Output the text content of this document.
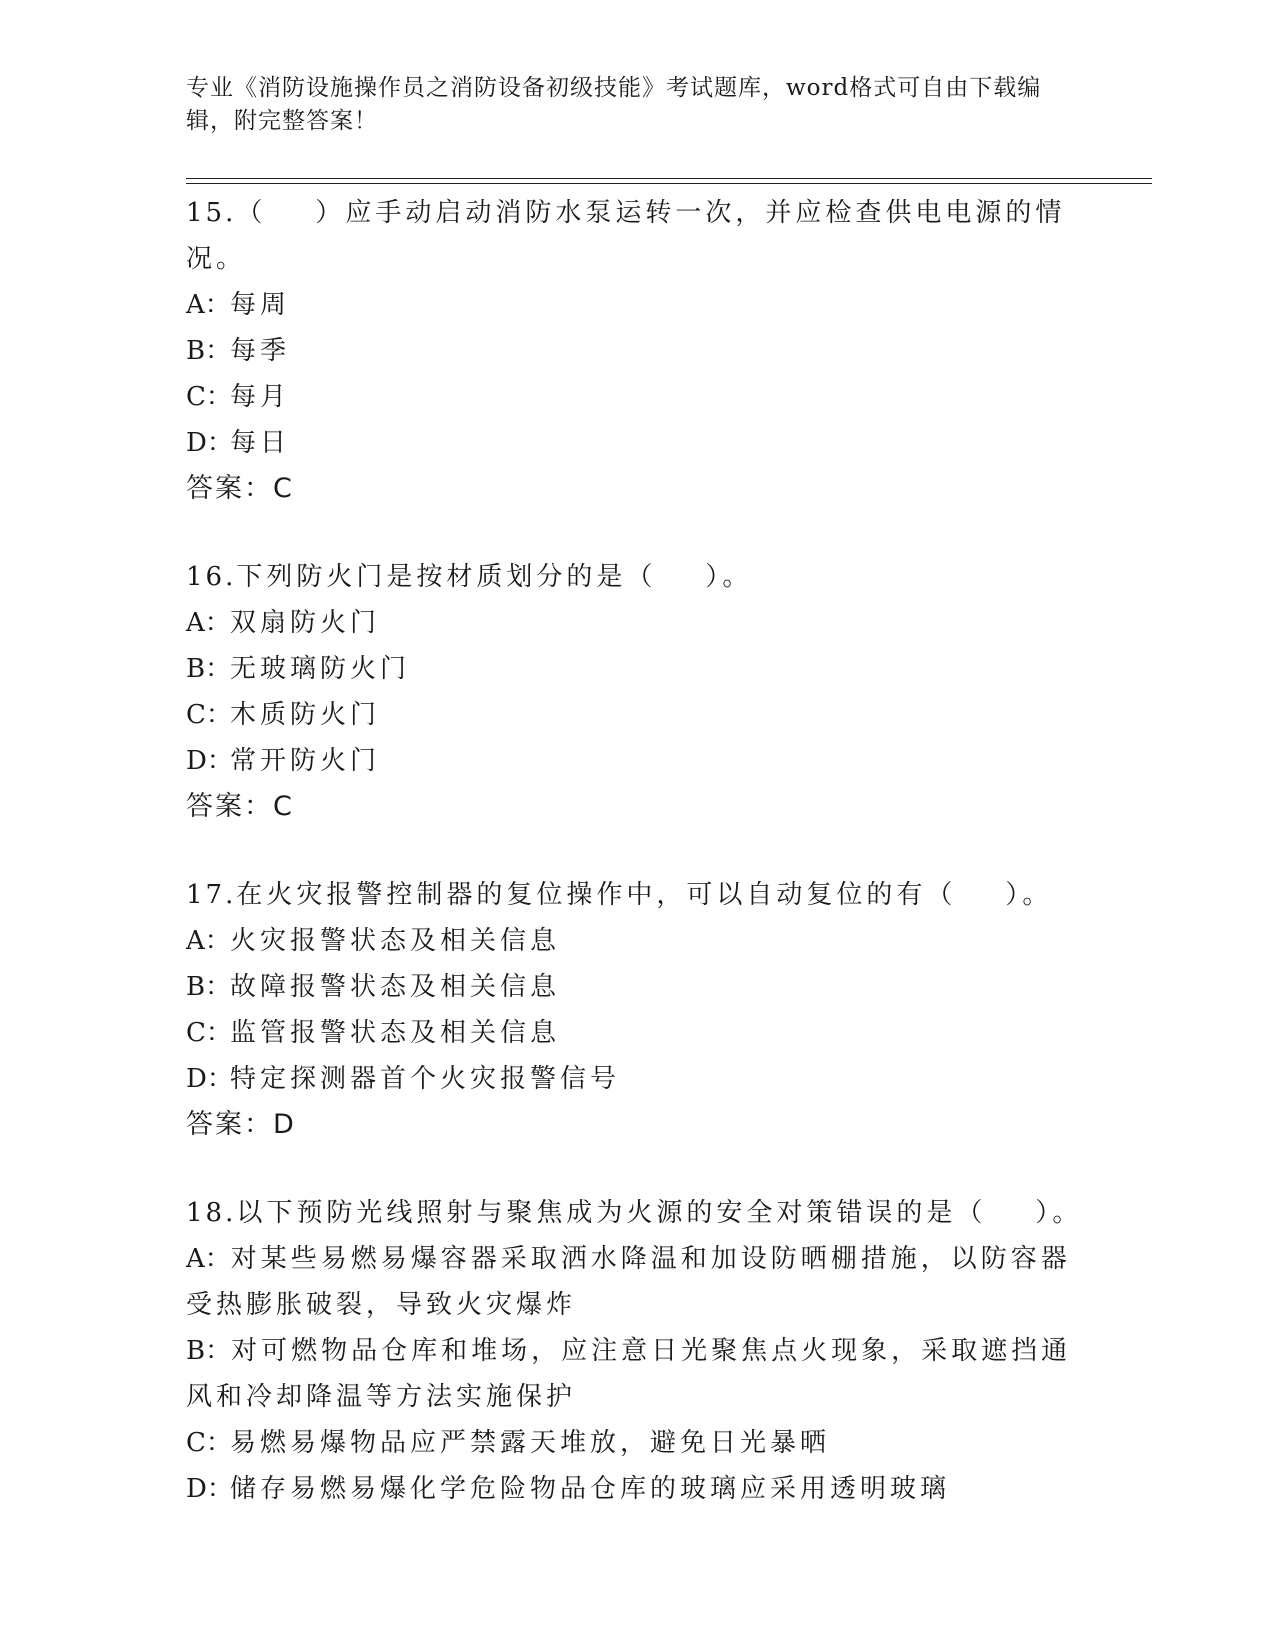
专业《消防设施操作员之消防设备初级技能》考试题库，word格式可自由下载编辑，附完整答案！

15.（    ）应手动启动消防水泵运转一次，并应检查供电电源的情况。

A：每周

B：每季

C：每月

D：每日

答案：C

16.下列防火门是按材质划分的是（    ）。

A：双扇防火门

B：无玻璃防火门

C：木质防火门

D：常开防火门

答案：C

17.在火灾报警控制器的复位操作中，可以自动复位的有（    ）。

A：火灾报警状态及相关信息

B：故障报警状态及相关信息

C：监管报警状态及相关信息

D：特定探测器首个火灾报警信号

答案：D

18.以下预防光线照射与聚焦成为火源的安全对策错误的是（    ）。

A：对某些易燃易爆容器采取洒水降温和加设防晒棚措施，以防容器受热膨胀破裂，导致火灾爆炸

B：对可燃物品仓库和堆场，应注意日光聚焦点火现象，采取遮挡通风和冷却降温等方法实施保护

C：易燃易爆物品应严禁露天堆放，避免日光暴晒

D：储存易燃易爆化学危险物品仓库的玻璃应采用透明玻璃
